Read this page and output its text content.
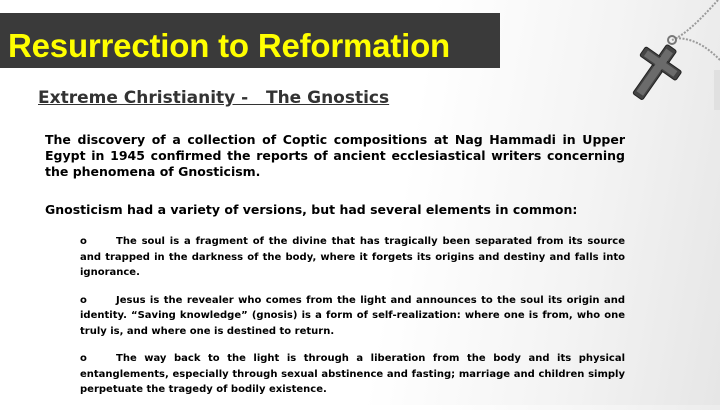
Resurrection to Reformation
Extreme Christianity -   The Gnostics
The discovery of a collection of Coptic compositions at Nag Hammadi in Upper Egypt in 1945 confirmed the reports of ancient ecclesiastical writers concerning the phenomena of Gnosticism.
Gnosticism had a variety of versions, but had several elements in common:
o	The soul is a fragment of the divine that has tragically been separated from its source and trapped in the darkness of the body, where it forgets its origins and destiny and falls into ignorance.
o	Jesus is the revealer who comes from the light and announces to the soul its origin and identity. “Saving knowledge” (gnosis) is a form of self-realization: where one is from, who one truly is, and where one is destined to return.
o	The way back to the light is through a liberation from the body and its physical entanglements, especially through sexual abstinence and fasting; marriage and children simply perpetuate the tragedy of bodily existence.
